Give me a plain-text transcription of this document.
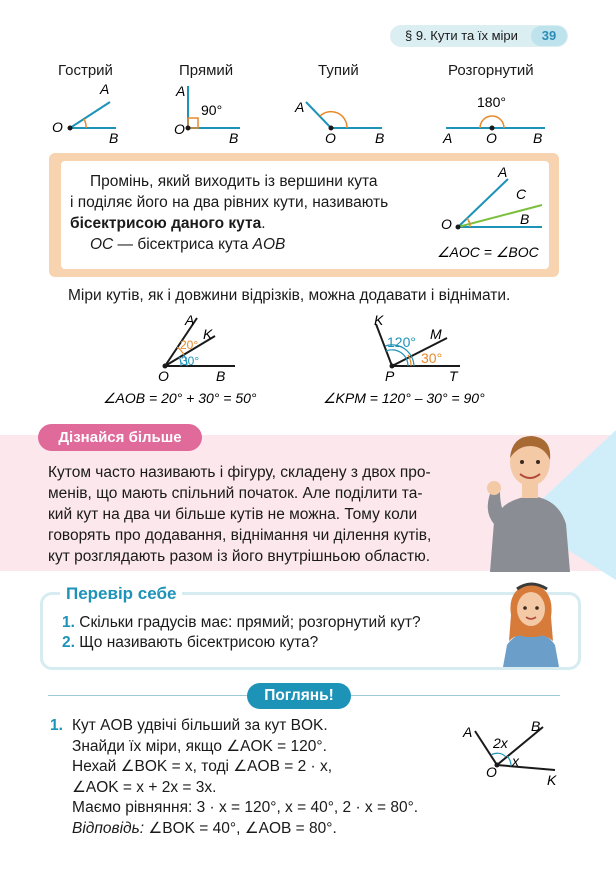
§ 9. Кути та їх міри	39
Гострий	Прямий	Тупий	Розгорнутий
O
A
B
O
A
B
90°
O
A
B	O
A	B
180°
Промінь, який виходить із вершини кута
і поділяє його на два рівних кути, називають
бісектрисою даного кута.
OC — бісектриса кута AOB
A
C
O	B
∠AOC = ∠BOC
Міри кутів, як і довжини відрізків, можна додавати і віднімати.
A
K
O	B
20°
30°
∠AOB = 20° + 30° = 50°
K
M
P	T
120°
30°
∠KPM = 120° – 30° = 90°
Дізнайся більше
Кутом часто називають і фігуру, складену з двох про-
менів, що мають спільний початок. Але поділити та-
кий кут на два чи більше кутів не можна. Тому коли
говорять про додавання, віднімання чи ділення кутів,
кут розглядають разом із його внутрішньою областю.
Перевір себе
1. Скільки градусів має: прямий; розгорнутий кут?
2. Що називають бісектрисою кута?
Поглянь!
1. Кут AOB удвічі більший за кут BOK.
Знайди їх міри, якщо ∠AOK = 120°.
Нехай ∠BOK = x, тоді ∠AOB = 2 · x,
∠AOK = x + 2x = 3x.
Маємо рівняння: 3 · x = 120°, x = 40°, 2 · x = 80°.
Відповідь: ∠BOK = 40°, ∠AOB = 80°.
A	B
O	K
2x
x
